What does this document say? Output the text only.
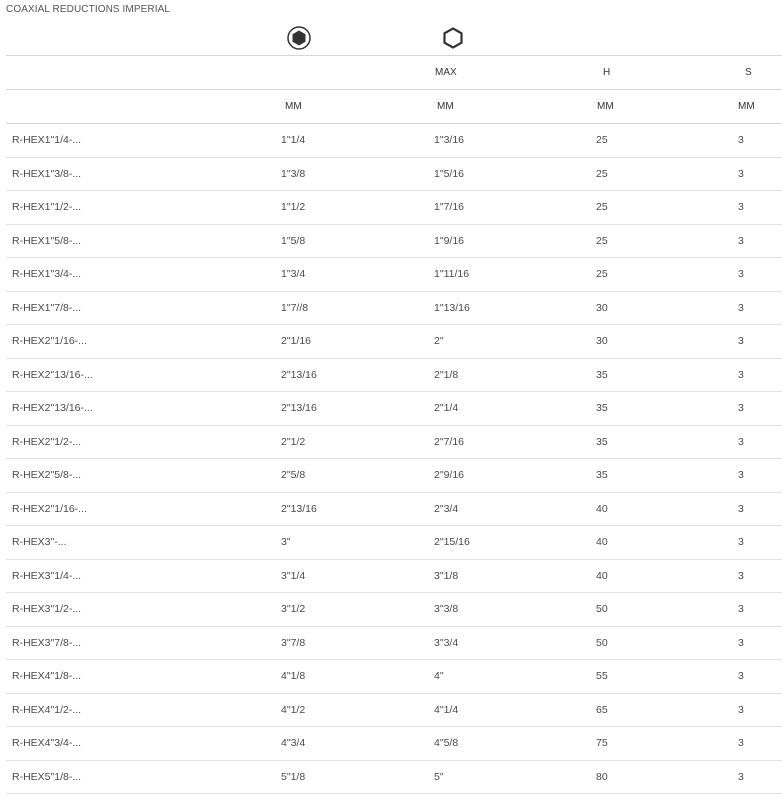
COAXIAL REDUCTIONS IMPERIAL
		MAX	H	S
	MM	MM	MM	MM
R-HEX1"1/4-...	1"1/4	1"3/16	25	3
R-HEX1"3/8-...	1"3/8	1"5/16	25	3
R-HEX1"1/2-...	1"1/2	1"7/16	25	3
R-HEX1"5/8-...	1"5/8	1"9/16	25	3
R-HEX1"3/4-...	1"3/4	1"11/16	25	3
R-HEX1"7/8-...	1"7//8	1"13/16	30	3
R-HEX2"1/16-...	2"1/16	2"	30	3
R-HEX2"13/16-...	2"13/16	2"1/8	35	3
R-HEX2"13/16-...	2"13/16	2"1/4	35	3
R-HEX2"1/2-...	2"1/2	2"7/16	35	3
R-HEX2"5/8-...	2"5/8	2"9/16	35	3
R-HEX2"1/16-...	2"13/16	2"3/4	40	3
R-HEX3"-...	3"	2"15/16	40	3
R-HEX3"1/4-...	3"1/4	3"1/8	40	3
R-HEX3"1/2-...	3"1/2	3"3/8	50	3
R-HEX3"7/8-...	3"7/8	3"3/4	50	3
R-HEX4"1/8-...	4"1/8	4"	55	3
R-HEX4"1/2-...	4"1/2	4"1/4	65	3
R-HEX4"3/4-...	4"3/4	4"5/8	75	3
R-HEX5"1/8-...	5"1/8	5"	80	3
